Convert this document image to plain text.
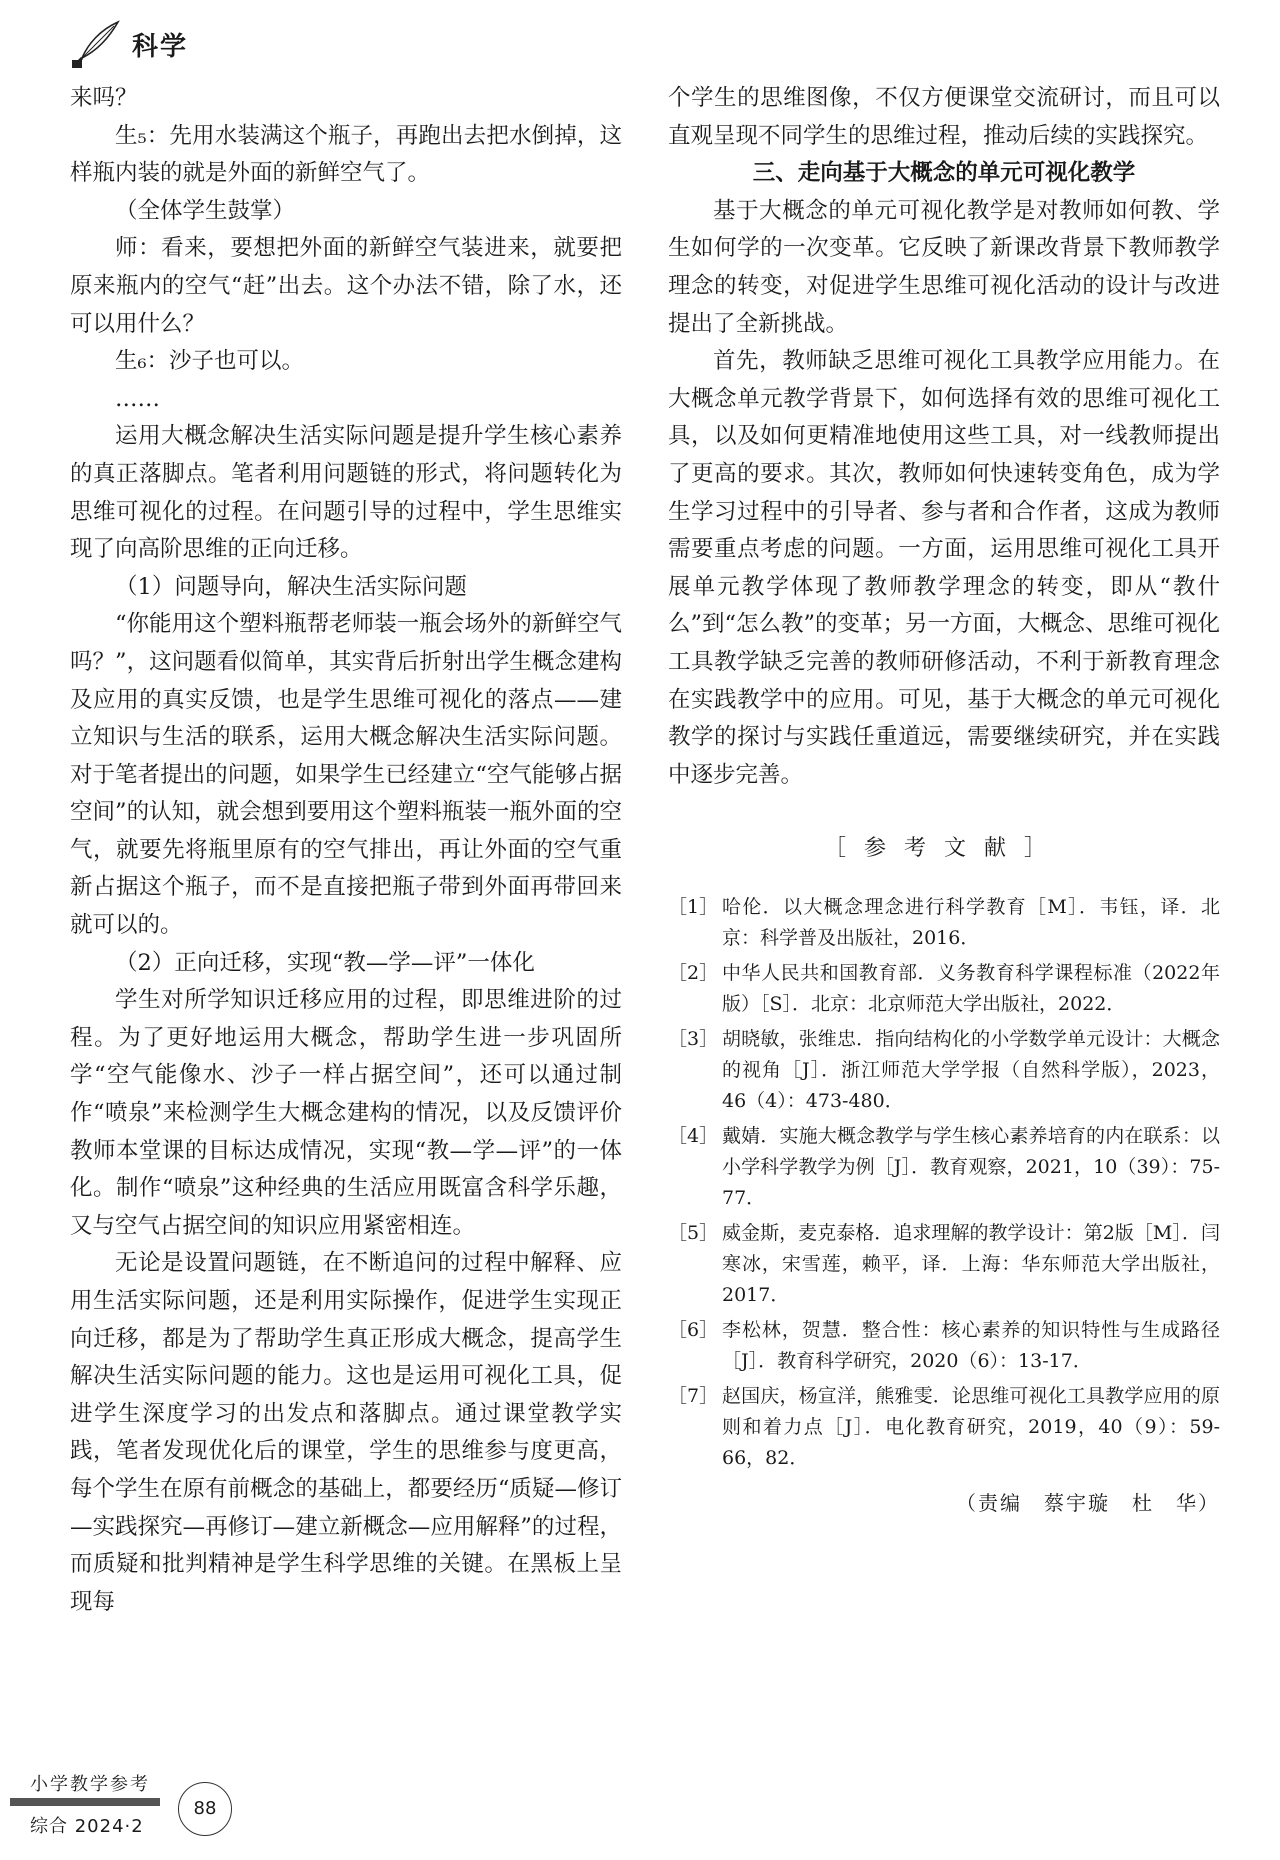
科学

来吗？

生₅：先用水装满这个瓶子，再跑出去把水倒掉，这样瓶内装的就是外面的新鲜空气了。

（全体学生鼓掌）

师：看来，要想把外面的新鲜空气装进来，就要把原来瓶内的空气“赶”出去。这个办法不错，除了水，还可以用什么？

生₆：沙子也可以。

……

运用大概念解决生活实际问题是提升学生核心素养的真正落脚点。笔者利用问题链的形式，将问题转化为思维可视化的过程。在问题引导的过程中，学生思维实现了向高阶思维的正向迁移。

（1）问题导向，解决生活实际问题

“你能用这个塑料瓶帮老师装一瓶会场外的新鲜空气吗？”，这问题看似简单，其实背后折射出学生概念建构及应用的真实反馈，也是学生思维可视化的落点——建立知识与生活的联系，运用大概念解决生活实际问题。对于笔者提出的问题，如果学生已经建立“空气能够占据空间”的认知，就会想到要用这个塑料瓶装一瓶外面的空气，就要先将瓶里原有的空气排出，再让外面的空气重新占据这个瓶子，而不是直接把瓶子带到外面再带回来就可以的。

（2）正向迁移，实现“教—学—评”一体化

学生对所学知识迁移应用的过程，即思维进阶的过程。为了更好地运用大概念，帮助学生进一步巩固所学“空气能像水、沙子一样占据空间”，还可以通过制作“喷泉”来检测学生大概念建构的情况，以及反馈评价教师本堂课的目标达成情况，实现“教—学—评”的一体化。制作“喷泉”这种经典的生活应用既富含科学乐趣，又与空气占据空间的知识应用紧密相连。

无论是设置问题链，在不断追问的过程中解释、应用生活实际问题，还是利用实际操作，促进学生实现正向迁移，都是为了帮助学生真正形成大概念，提高学生解决生活实际问题的能力。这也是运用可视化工具，促进学生深度学习的出发点和落脚点。通过课堂教学实践，笔者发现优化后的课堂，学生的思维参与度更高，每个学生在原有前概念的基础上，都要经历“质疑—修订—实践探究—再修订—建立新概念—应用解释”的过程，而质疑和批判精神是学生科学思维的关键。在黑板上呈现每

个学生的思维图像，不仅方便课堂交流研讨，而且可以直观呈现不同学生的思维过程，推动后续的实践探究。

三、走向基于大概念的单元可视化教学

基于大概念的单元可视化教学是对教师如何教、学生如何学的一次变革。它反映了新课改背景下教师教学理念的转变，对促进学生思维可视化活动的设计与改进提出了全新挑战。

首先，教师缺乏思维可视化工具教学应用能力。在大概念单元教学背景下，如何选择有效的思维可视化工具，以及如何更精准地使用这些工具，对一线教师提出了更高的要求。其次，教师如何快速转变角色，成为学生学习过程中的引导者、参与者和合作者，这成为教师需要重点考虑的问题。一方面，运用思维可视化工具开展单元教学体现了教师教学理念的转变，即从“教什么”到“怎么教”的变革；另一方面，大概念、思维可视化工具教学缺乏完善的教师研修活动，不利于新教育理念在实践教学中的应用。可见，基于大概念的单元可视化教学的探讨与实践任重道远，需要继续研究，并在实践中逐步完善。

［参考文献］
［1］ 哈伦．以大概念理念进行科学教育［M］．韦钰，译．北京：科学普及出版社，2016．
［2］ 中华人民共和国教育部．义务教育科学课程标准（2022年版）［S］．北京：北京师范大学出版社，2022．
［3］ 胡晓敏，张维忠．指向结构化的小学数学单元设计：大概念的视角［J］．浙江师范大学学报（自然科学版），2023，46（4）：473-480．
［4］ 戴婧．实施大概念教学与学生核心素养培育的内在联系：以小学科学教学为例［J］．教育观察，2021，10（39）：75-77．
［5］ 威金斯，麦克泰格．追求理解的教学设计：第2版［M］．闫寒冰，宋雪莲，赖平，译．上海：华东师范大学出版社，2017．
［6］ 李松林，贺慧．整合性：核心素养的知识特性与生成路径［J］．教育科学研究，2020（6）：13-17．
［7］ 赵国庆，杨宣洋，熊雅雯．论思维可视化工具教学应用的原则和着力点［J］．电化教育研究，2019，40（9）：59-66，82．
（责编　蔡宇璇　杜　华）
小学教学参考
综合 2024·2
88
